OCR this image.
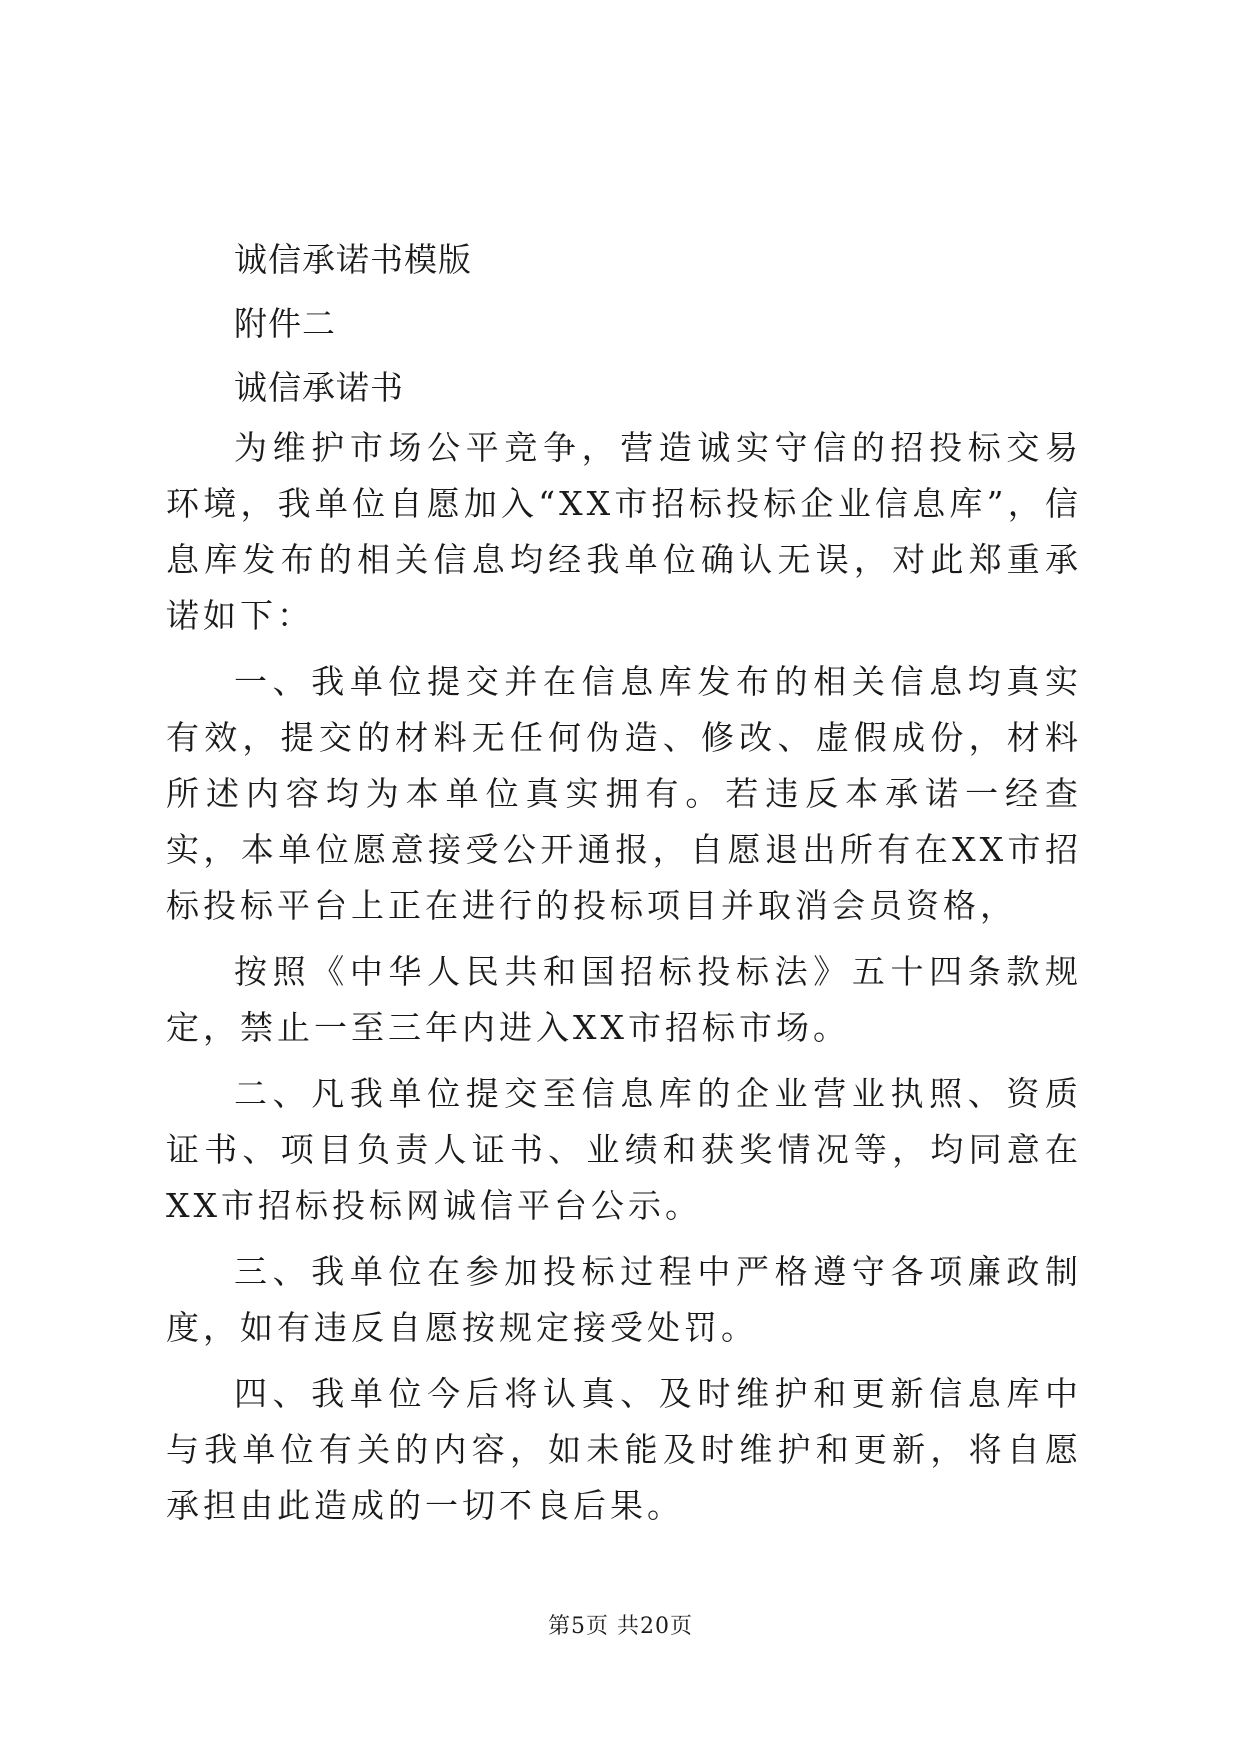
诚信承诺书模版
附件二
诚信承诺书

为维护市场公平竞争，营造诚实守信的招投标交易环境，我单位自愿加入“XX市招标投标企业信息库”，信息库发布的相关信息均经我单位确认无误，对此郑重承诺如下：

一、我单位提交并在信息库发布的相关信息均真实有效，提交的材料无任何伪造、修改、虚假成份，材料所述内容均为本单位真实拥有。若违反本承诺一经查实，本单位愿意接受公开通报，自愿退出所有在XX市招标投标平台上正在进行的投标项目并取消会员资格，

按照《中华人民共和国招标投标法》五十四条款规定，禁止一至三年内进入XX市招标市场。

二、凡我单位提交至信息库的企业营业执照、资质证书、项目负责人证书、业绩和获奖情况等，均同意在XX市招标投标网诚信平台公示。

三、我单位在参加投标过程中严格遵守各项廉政制度，如有违反自愿按规定接受处罚。

四、我单位今后将认真、及时维护和更新信息库中与我单位有关的内容，如未能及时维护和更新，将自愿承担由此造成的一切不良后果。

第5页 共20页
